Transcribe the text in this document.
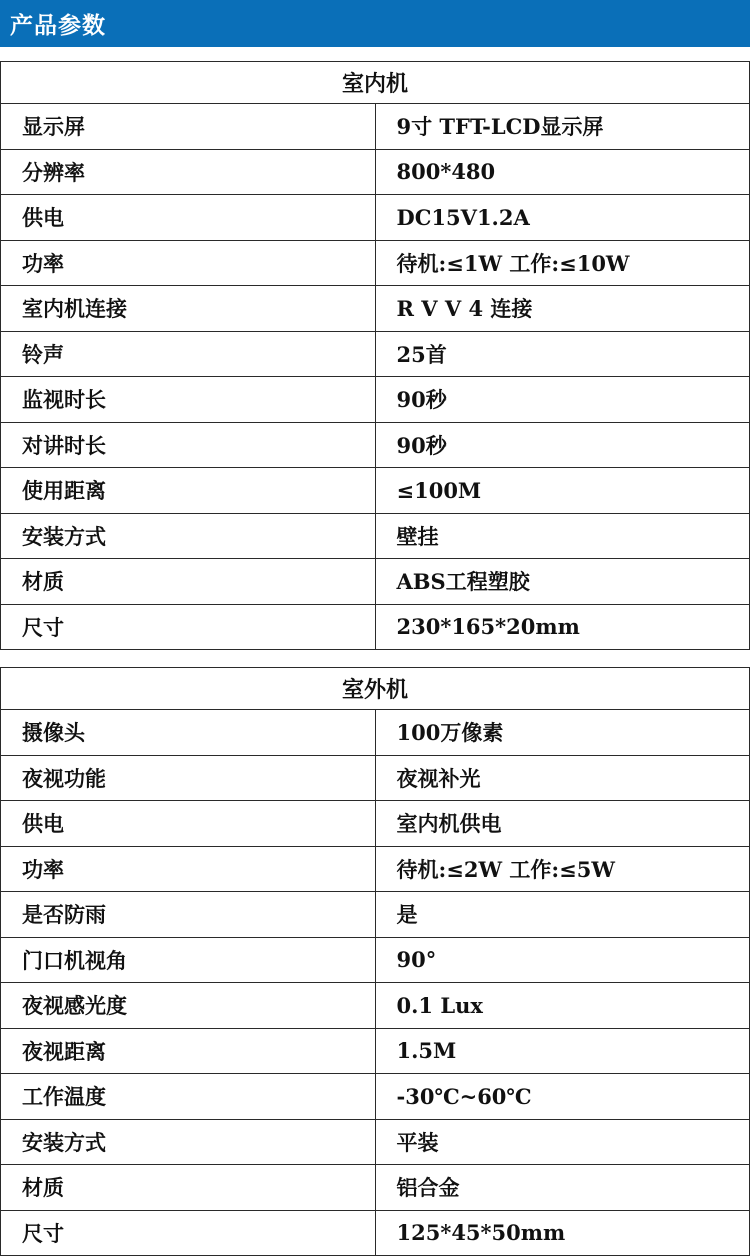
产品参数
室内机	
显示屏	9寸 TFT-LCD显示屏
分辨率	800*480
供电	DC15V1.2A
功率	待机:≤1W 工作:≤10W
室内机连接	R V V 4 连接
铃声	25首
监视时长	90秒
对讲时长	90秒
使用距离	≤100M
安装方式	壁挂
材质	ABS工程塑胶
尺寸	230*165*20mm
室外机	
摄像头	100万像素
夜视功能	夜视补光
供电	室内机供电
功率	待机:≤2W 工作:≤5W
是否防雨	是
门口机视角	90°
夜视感光度	0.1 Lux
夜视距离	1.5M
工作温度	-30℃~60℃
安装方式	平装
材质	铝合金
尺寸	125*45*50mm
